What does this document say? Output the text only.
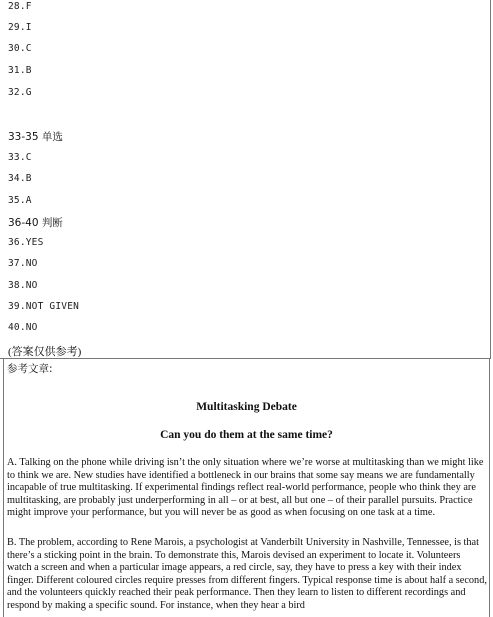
28.F
29.I
30.C
31.B
32.G
33-35 单选
33.C
34.B
35.A
36-40 判断
36.YES
37.NO
38.NO
39.NOT GIVEN
(答案仅供参考)
40.NO
参考文章:
Multitasking Debate
Can you do them at the same time?

A. Talking on the phone while driving isn’t the only situation where we’re worse at multitasking than we might like to think we are. New studies have identified a bottleneck in our brains that some say means we are fundamentally incapable of true multitasking. If experimental findings reflect real-world performance, people who think they are multitasking, are probably just underperforming in all – or at best, all but one – of their parallel pursuits. Practice might improve your performance, but you will never be as good as when focusing on one task at a time.

B. The problem, according to Rene Marois, a psychologist at Vanderbilt University in Nashville, Tennessee, is that there’s a sticking point in the brain. To demonstrate this, Marois devised an experiment to locate it. Volunteers watch a screen and when a particular image appears, a red circle, say, they have to press a key with their index finger. Different coloured circles require presses from different fingers. Typical response time is about half a second, and the volunteers quickly reached their peak performance. Then they learn to listen to different recordings and respond by making a specific sound. For instance, when they hear a bird
